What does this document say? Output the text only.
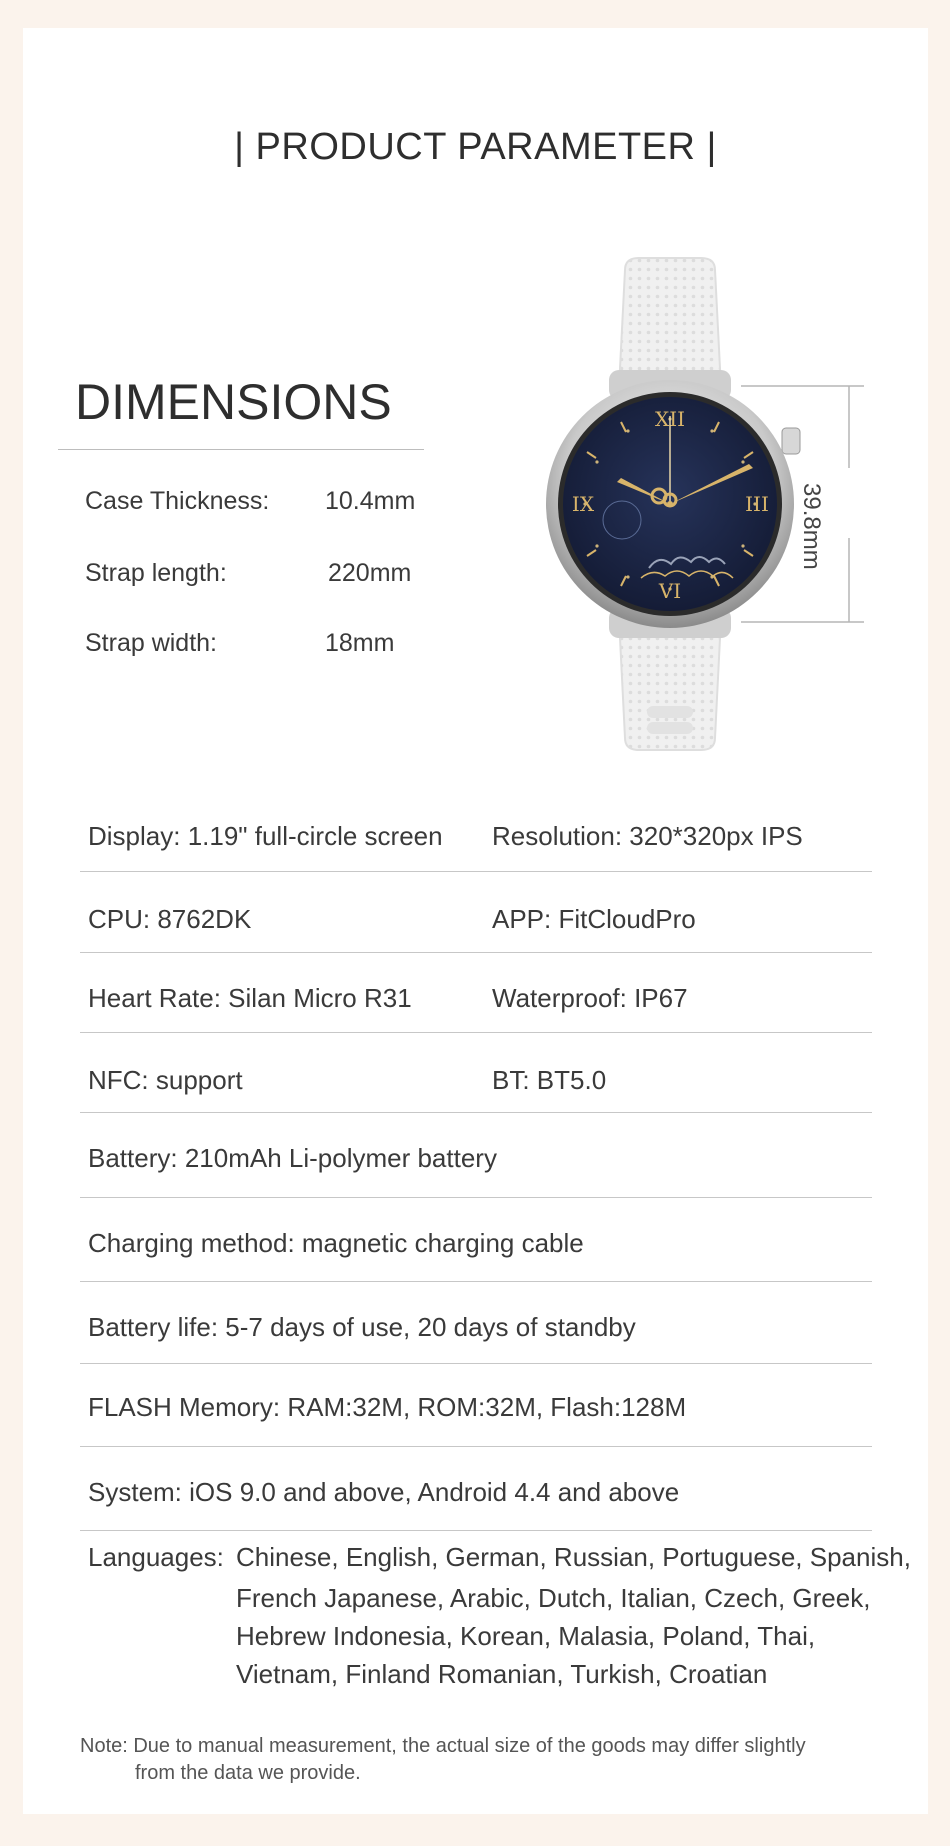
| PRODUCT PARAMETER |
DIMENSIONS
Case Thickness: 10.4mm
Strap length:	220mm
Strap width:	18mm
XII
III
VI
IX	39.8mm
Display: 1.19" full-circle screen Resolution: 320*320px IPS
CPU: 8762DK	APP: FitCloudPro
Heart Rate: Silan Micro R31	Waterproof: IP67
NFC: support	BT: BT5.0
Battery: 210mAh Li-polymer battery
Charging method: magnetic charging cable
Battery life: 5-7 days of use, 20 days of standby
FLASH Memory: RAM:32M, ROM:32M, Flash:128M
System: iOS 9.0 and above, Android 4.4 and above
Languages: Chinese, English, German, Russian, Portuguese, Spanish,
French Japanese, Arabic, Dutch, Italian, Czech, Greek,
Hebrew Indonesia, Korean, Malasia, Poland, Thai,
Vietnam, Finland Romanian, Turkish, Croatian
Note: Due to manual measurement, the actual size of the goods may differ slightly
from the data we provide.
